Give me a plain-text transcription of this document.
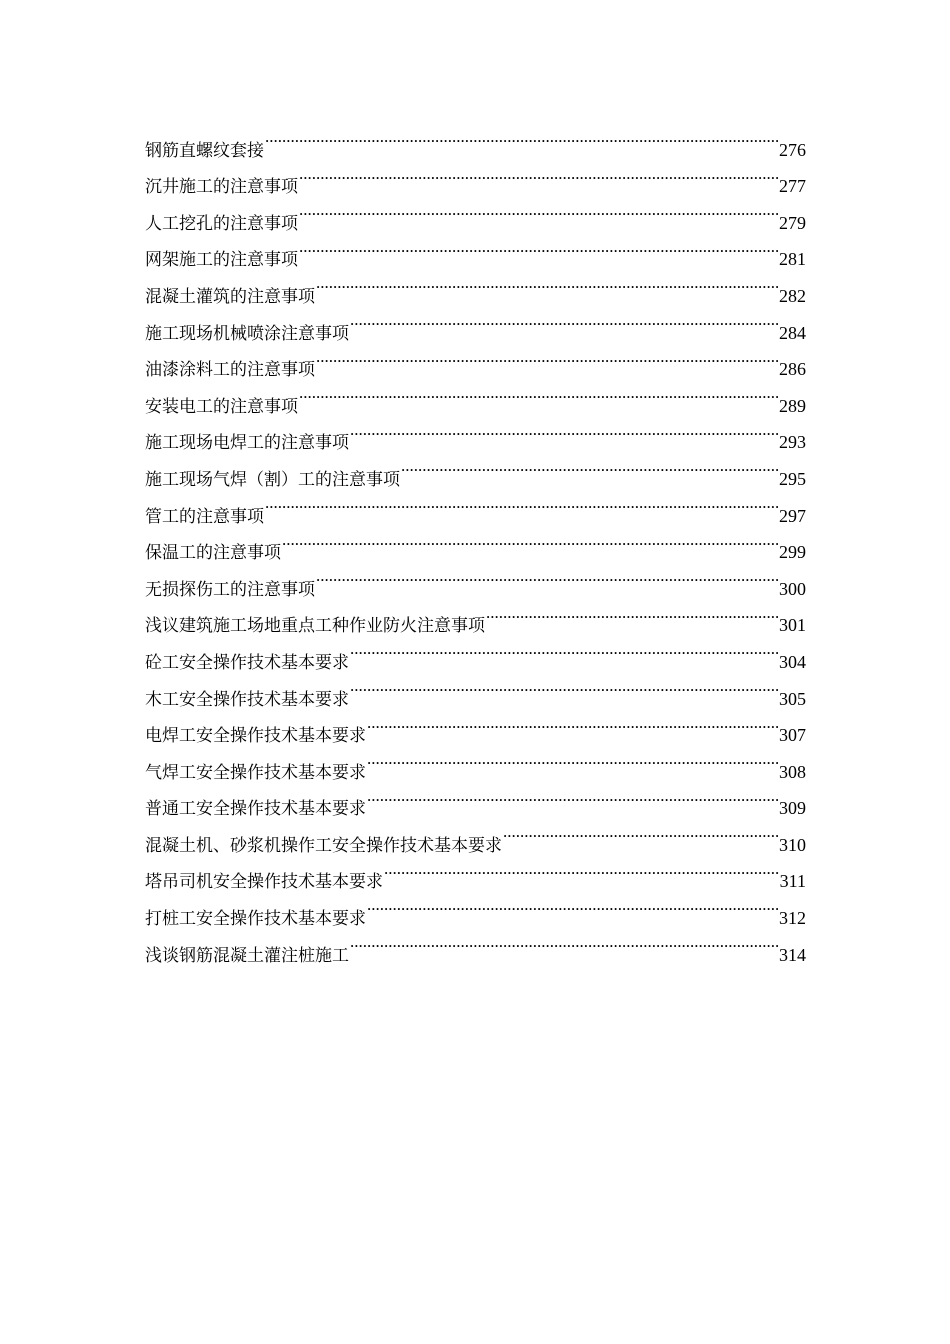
钢筋直螺纹套接 .....	276
沉井施工的注意事项 .....	277
人工挖孔的注意事项 .....	279
网架施工的注意事项 .....	281
混凝土灌筑的注意事项 .....	282
施工现场机械喷涂注意事项 .....	284
油漆涂料工的注意事项 .....	286
安装电工的注意事项 .....	289
施工现场电焊工的注意事项 .....	293
施工现场气焊（割）工的注意事项 .....	295
管工的注意事项 .....	297
保温工的注意事项 .....	299
无损探伤工的注意事项 .....	300
浅议建筑施工场地重点工种作业防火注意事项 .....	301
砼工安全操作技术基本要求 .....	304
木工安全操作技术基本要求 .....	305
电焊工安全操作技术基本要求 .....	307
气焊工安全操作技术基本要求 .....	308
普通工安全操作技术基本要求 .....	309
混凝土机、砂浆机操作工安全操作技术基本要求 .....	310
塔吊司机安全操作技术基本要求 .....	311
打桩工安全操作技术基本要求 .....	312
浅谈钢筋混凝土灌注桩施工 .....	314
